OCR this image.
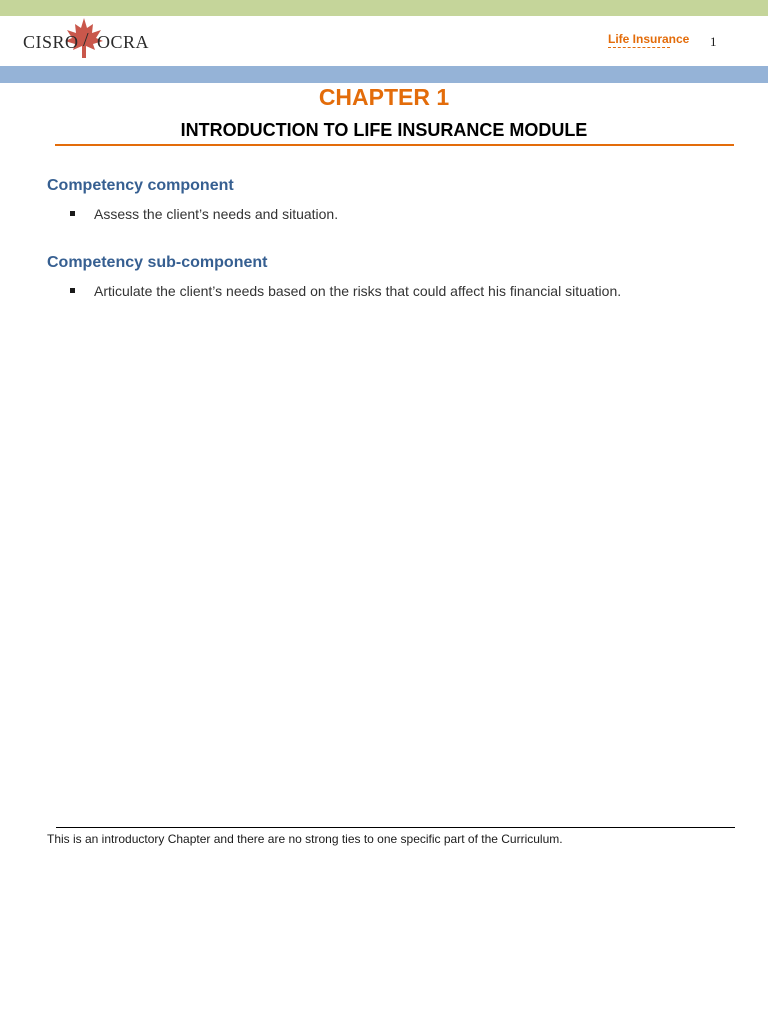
CISRO / OCRA	Life Insurance 1
CHAPTER 1
INTRODUCTION TO LIFE INSURANCE MODULE
Competency component
Assess the client’s needs and situation.
Competency sub-component
Articulate the client’s needs based on the risks that could affect his financial situation.
This is an introductory Chapter and there are no strong ties to one specific part of the Curriculum.
